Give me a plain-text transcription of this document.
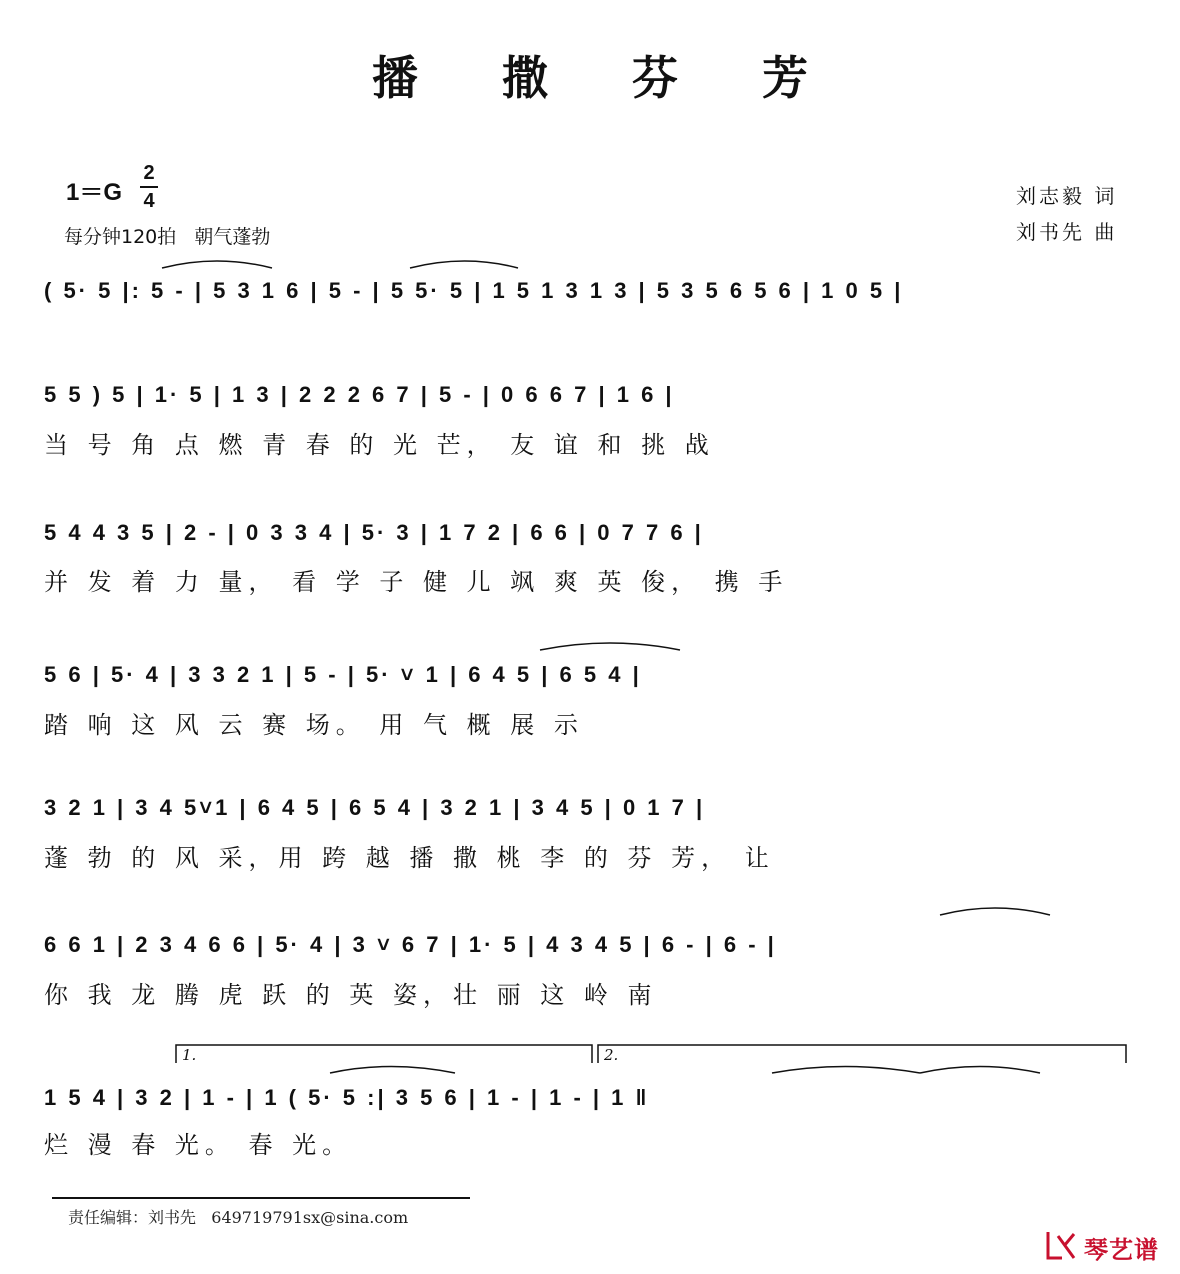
播 撒 芬 芳
$1=G \frac{2}{4}$
每分钟120拍   朝气蓬勃
刘志毅 词
刘书先 曲
( 5· 5 |: 5 - | 5 3 1 6 | 5 - | 5 5· 5 | 1 5 1 3 1 3 | 5 3 5 6 5 6 | 1 0 5 |
5 5 ) 5 | 1· 5 | 1 3 | 2 2 2 6 7 | 5 - | 0 6 6 7 | 1 6 |
当 号 角 点 燃 青 春 的 光 芒， 友 谊 和 挑 战
5 4 4 3 5 | 2 - | 0 3 3 4 | 5· 3 | 1 7 2 | 6 6 | 0 7 7 6 |
并 发 着 力 量， 看 学 子 健 儿 飒 爽 英 俊， 携 手
5 6 | 5· 4 | 3 3 2 1 | 5 - | 5· ˅ 1 | 6 4 5 | 6 5 4 |
踏 响 这 风 云 赛 场。 用 气 概 展 示
3 2 1 | 3 4 5˅1 | 6 4 5 | 6 5 4 | 3 2 1 | 3 4 5 | 0 1 7 |
蓬 勃 的 风 采，用 跨 越 播 撒 桃 李 的 芬 芳， 让
6 6 1 | 2 3 4 6 6 | 5· 4 | 3 ˅ 6 7 | 1· 5 | 4 3 4 5 | 6 - | 6 - |
你 我 龙 腾 虎 跃 的 英 姿，壮 丽 这 岭 南
1 5 4 | 3 2 | 1 - | 1 ( 5· 5 :| 3 5 6 | 1 - | 1 - | 1 ‖
烂 漫 春 光。 春 光。
1.	2.
责任编辑：刘书先   649719791sx@sina.com
琴艺谱
